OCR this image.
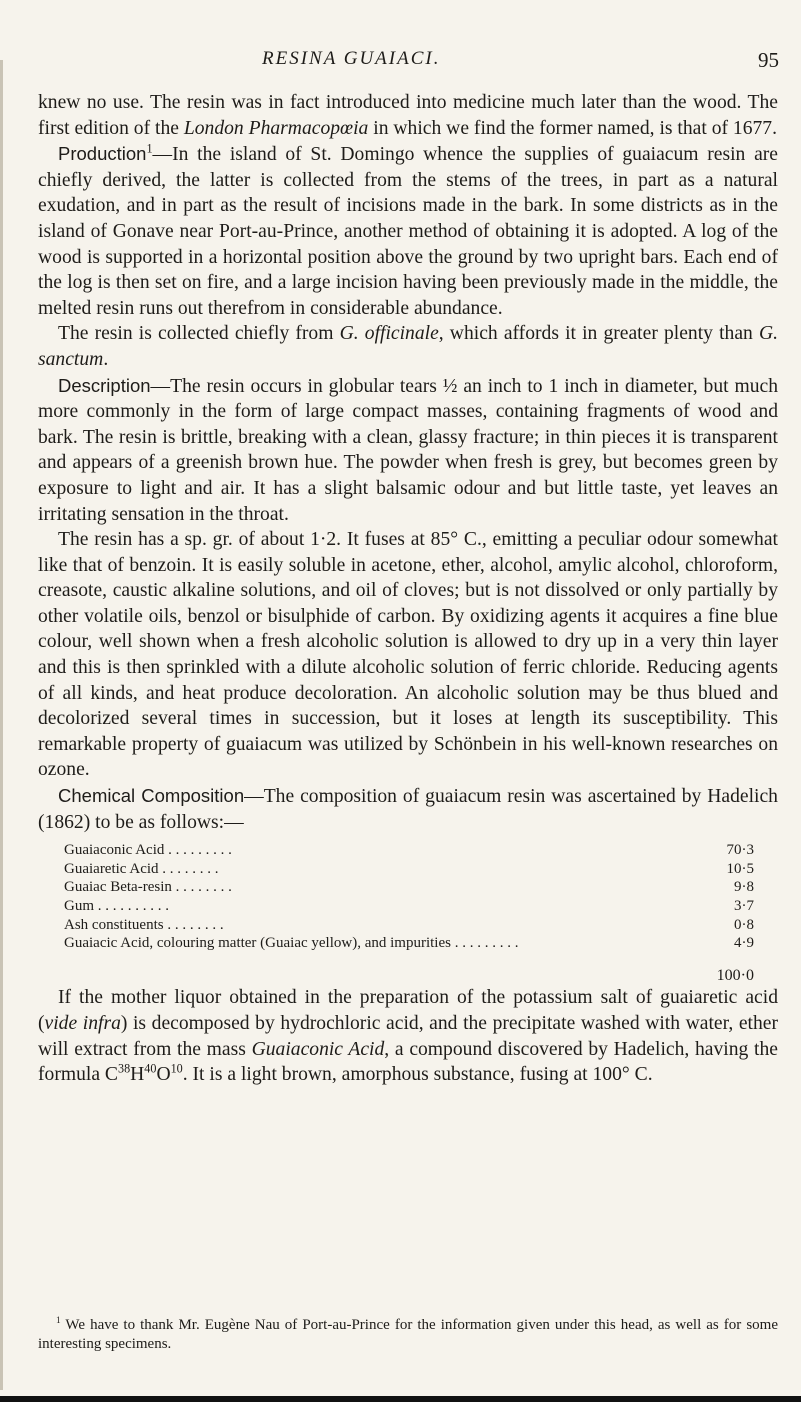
RESINA GUAIACI.	95

knew no use. The resin was in fact introduced into medicine much later than the wood. The first edition of the London Pharmacopœia in which we find the former named, is that of 1677.

Production$^1$—In the island of St. Domingo whence the supplies of guaiacum resin are chiefly derived, the latter is collected from the stems of the trees, in part as a natural exudation, and in part as the result of incisions made in the bark. In some districts as in the island of Gonave near Port-au-Prince, another method of obtaining it is adopted. A log of the wood is supported in a horizontal position above the ground by two upright bars. Each end of the log is then set on fire, and a large incision having been previously made in the middle, the melted resin runs out therefrom in considerable abundance.

The resin is collected chiefly from G. officinale, which affords it in greater plenty than G. sanctum.

Description—The resin occurs in globular tears ½ an inch to 1 inch in diameter, but much more commonly in the form of large compact masses, containing fragments of wood and bark. The resin is brittle, breaking with a clean, glassy fracture; in thin pieces it is transparent and appears of a greenish brown hue. The powder when fresh is grey, but becomes green by exposure to light and air. It has a slight balsamic odour and but little taste, yet leaves an irritating sensation in the throat.

The resin has a sp. gr. of about 1·2. It fuses at 85° C., emitting a peculiar odour somewhat like that of benzoin. It is easily soluble in acetone, ether, alcohol, amylic alcohol, chloroform, creasote, caustic alkaline solutions, and oil of cloves; but is not dissolved or only partially by other volatile oils, benzol or bisulphide of carbon. By oxidizing agents it acquires a fine blue colour, well shown when a fresh alcoholic solution is allowed to dry up in a very thin layer and this is then sprinkled with a dilute alcoholic solution of ferric chloride. Reducing agents of all kinds, and heat produce decoloration. An alcoholic solution may be thus blued and decolorized several times in succession, but it loses at length its susceptibility. This remarkable property of guaiacum was utilized by Schönbein in his well-known researches on ozone.

Chemical Composition—The composition of guaiacum resin was ascertained by Hadelich (1862) to be as follows:—

Guaiaconic Acid . . . . . . . . .	70·3
Guaiaretic Acid . . . . . . . .	10·5
Guaiac Beta-resin . . . . . . . .	9·8
Gum . . . . . . . . . .	3·7
Ash constituents . . . . . . . .	0·8
Guaiacic Acid, colouring matter (Guaiac yellow), and impurities . . . . . . . . .	4·9
	100·0

If the mother liquor obtained in the preparation of the potassium salt of guaiaretic acid (vide infra) is decomposed by hydrochloric acid, and the precipitate washed with water, ether will extract from the mass Guaiaconic Acid, a compound discovered by Hadelich, having the formula $C^{38}H^{40}O^{10}$. It is a light brown, amorphous substance, fusing at 100° C.

$^1$ We have to thank Mr. Eugène Nau of Port-au-Prince for the information given under this head, as well as for some interesting specimens.
